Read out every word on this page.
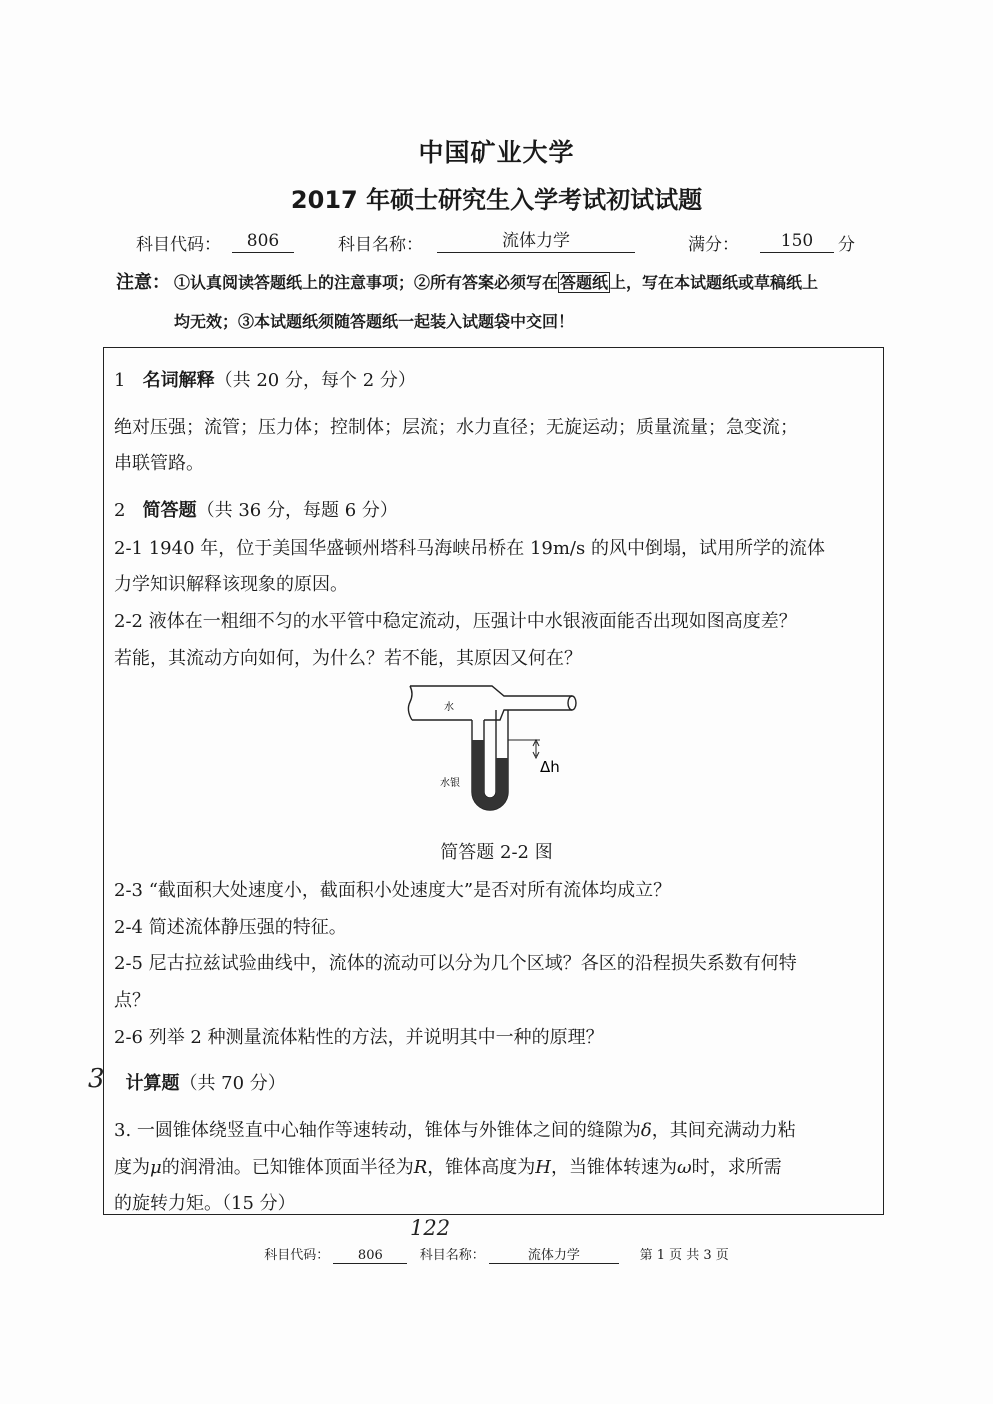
中国矿业大学
2017 年硕士研究生入学考试初试试题
科目代码：	806	科目名称：	流体力学	满分：	150	分
注意： ①认真阅读答题纸上的注意事项；②所有答案必须写在 答题纸 上，写在本试题纸或草稿纸上
均无效；③本试题纸须随答题纸一起装入试题袋中交回！
1 名词解释（共 20 分，每个 2 分）
绝对压强；流管；压力体；控制体；层流；水力直径；无旋运动；质量流量；急变流；
串联管路。
2 简答题（共 36 分，每题 6 分）
2-1 1940 年，位于美国华盛顿州塔科马海峡吊桥在 19m/s 的风中倒塌，试用所学的流体
力学知识解释该现象的原因。
2-2 液体在一粗细不匀的水平管中稳定流动，压强计中水银液面能否出现如图高度差？
若能，其流动方向如何，为什么？若不能，其原因又何在？
水
水银
Δh
简答题 2-2 图
2-3 “截面积大处速度小，截面积小处速度大”是否对所有流体均成立？
2-4 简述流体静压强的特征。
2-5 尼古拉兹试验曲线中，流体的流动可以分为几个区域？各区的沿程损失系数有何特
点？
2-6 列举 2 种测量流体粘性的方法，并说明其中一种的原理？
3	计算题（共 70 分）
3. 一圆锥体绕竖直中心轴作等速转动，锥体与外锥体之间的缝隙为δ，其间充满动力粘
度为μ的润滑油。已知锥体顶面半径为R，锥体高度为H，当锥体转速为ω时，求所需
的旋转力矩。（15 分）
122
科目代码： 806	科目名称：	流体力学	第 1 页 共 3 页
